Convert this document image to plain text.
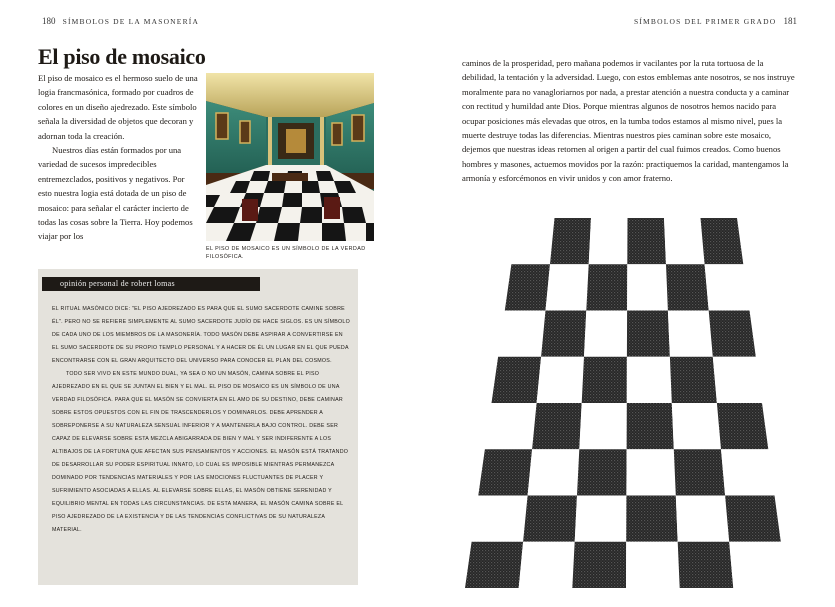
180 SÍMBOLOS DE LA MASONERÍA
El piso de mosaico

El piso de mosaico es el hermoso suelo de una logia francmasónica, formado por cuadros de colores en un diseño ajedrezado. Este símbolo señala la diversidad de objetos que decoran y adornan toda la creación.

Nuestros días están formados por una variedad de sucesos impredecibles entremezclados, positivos y negativos. Por esto nuestra logia está dotada de un piso de mosaico: para señalar el carácter incierto de todas las cosas sobre la Tierra. Hoy podemos viajar por los

EL PISO DE MOSAICO ES UN SÍMBOLO DE LA VERDAD FILOSÓFICA.
opinión personal de robert lomas

EL RITUAL MASÓNICO DICE: "EL PISO AJEDREZADO ES PARA QUE EL SUMO SACERDOTE CAMINE SOBRE ÉL". PERO NO SE REFIERE SIMPLEMENTE AL SUMO SACERDOTE JUDÍO DE HACE SIGLOS. ES UN SÍMBOLO DE CADA UNO DE LOS MIEMBROS DE LA MASONERÍA. TODO MASÓN DEBE ASPIRAR A CONVERTIRSE EN EL SUMO SACERDOTE DE SU PROPIO TEMPLO PERSONAL Y A HACER DE ÉL UN LUGAR EN EL QUE PUEDA ENCONTRARSE CON EL GRAN ARQUITECTO DEL UNIVERSO PARA CONOCER EL PLAN DEL COSMOS.

TODO SER VIVO EN ESTE MUNDO DUAL, YA SEA O NO UN MASÓN, CAMINA SOBRE EL PISO AJEDREZADO EN EL QUE SE JUNTAN EL BIEN Y EL MAL. EL PISO DE MOSAICO ES UN SÍMBOLO DE UNA VERDAD FILOSÓFICA. PARA QUE EL MASÓN SE CONVIERTA EN EL AMO DE SU DESTINO, DEBE CAMINAR SOBRE ESTOS OPUESTOS CON EL FIN DE TRASCENDERLOS Y DOMINARLOS. DEBE APRENDER A SOBREPONERSE A SU NATURALEZA SENSUAL INFERIOR Y A MANTENERLA BAJO CONTROL. DEBE SER CAPAZ DE ELEVARSE SOBRE ESTA MEZCLA ABIGARRADA DE BIEN Y MAL Y SER INDIFERENTE A LOS ALTIBAJOS DE LA FORTUNA QUE AFECTAN SUS PENSAMIENTOS Y ACCIONES. EL MASÓN ESTÁ TRATANDO DE DESARROLLAR SU PODER ESPIRITUAL INNATO, LO CUAL ES IMPOSIBLE MIENTRAS PERMANEZCA DOMINADO POR TENDENCIAS MATERIALES Y POR LAS EMOCIONES FLUCTUANTES DE PLACER Y SUFRIMIENTO ASOCIADAS A ELLAS. AL ELEVARSE SOBRE ELLAS, EL MASÓN OBTIENE SERENIDAD Y EQUILIBRIO MENTAL EN TODAS LAS CIRCUNSTANCIAS. DE ESTA MANERA, EL MASÓN CAMINA SOBRE EL PISO AJEDREZADO DE LA EXISTENCIA Y DE LAS TENDENCIAS CONFLICTIVAS DE SU NATURALEZA MATERIAL.

SÍMBOLOS DEL PRIMER GRADO 181

caminos de la prosperidad, pero mañana podemos ir vacilantes por la ruta tortuosa de la debilidad, la tentación y la adversidad. Luego, con estos emblemas ante nosotros, se nos instruye moralmente para no vanagloriarnos por nada, a prestar atención a nuestra conducta y a caminar con rectitud y humildad ante Dios. Porque mientras algunos de nosotros hemos nacido para ocupar posiciones más elevadas que otros, en la tumba todos estamos al mismo nivel, pues la muerte destruye todas las diferencias. Mientras nuestros pies caminan sobre este mosaico, dejemos que nuestras ideas retornen al origen a partir del cual fuimos creados. Como buenos hombres y masones, actuemos movidos por la razón: practiquemos la caridad, mantengamos la armonía y esforcémonos en vivir unidos y con amor fraterno.
